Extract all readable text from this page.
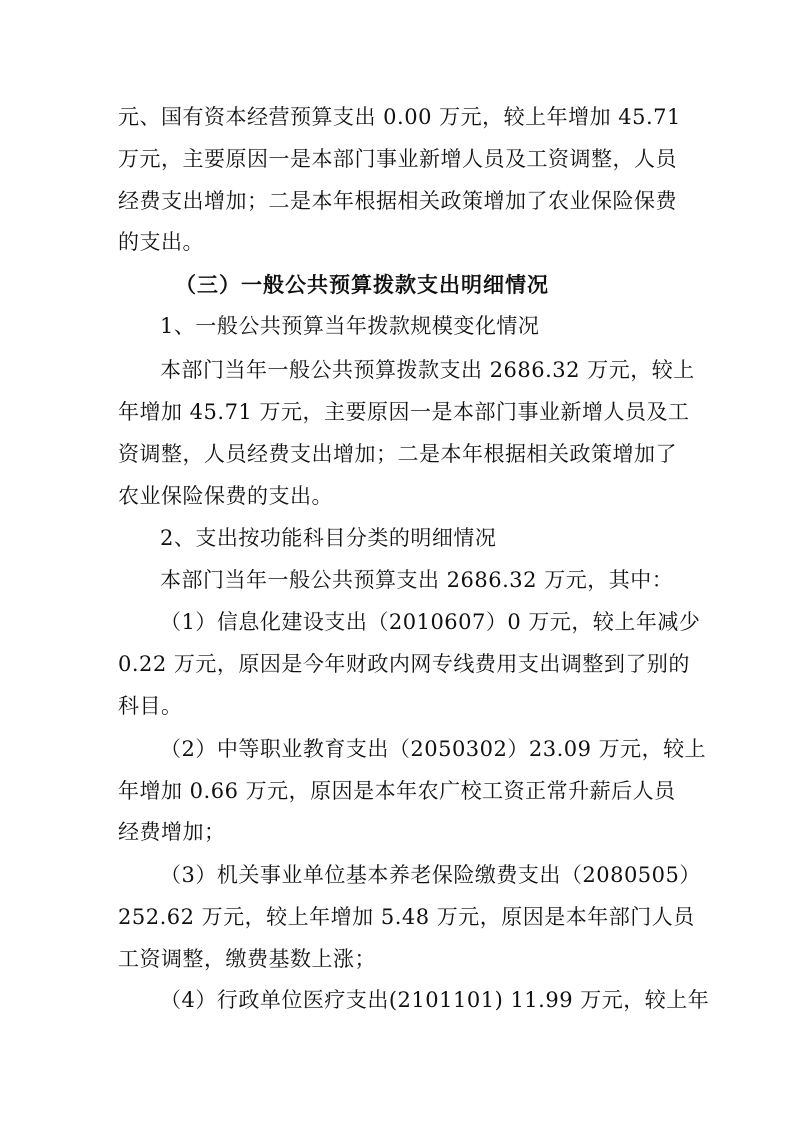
元、国有资本经营预算支出 0.00 万元，较上年增加 45.71
万元，主要原因一是本部门事业新增人员及工资调整，人员
经费支出增加；二是本年根据相关政策增加了农业保险保费
的支出。
（三）一般公共预算拨款支出明细情况
1、一般公共预算当年拨款规模变化情况
本部门当年一般公共预算拨款支出 2686.32 万元，较上
年增加 45.71 万元，主要原因一是本部门事业新增人员及工
资调整，人员经费支出增加；二是本年根据相关政策增加了
农业保险保费的支出。
2、支出按功能科目分类的明细情况
本部门当年一般公共预算支出 2686.32 万元，其中：
（1）信息化建设支出（2010607）0 万元，较上年减少
0.22 万元，原因是今年财政内网专线费用支出调整到了别的
科目。
（2）中等职业教育支出（2050302）23.09 万元，较上
年增加 0.66 万元，原因是本年农广校工资正常升薪后人员
经费增加；
（3）机关事业单位基本养老保险缴费支出（2080505）
252.62 万元，较上年增加 5.48 万元，原因是本年部门人员
工资调整，缴费基数上涨；
（4）行政单位医疗支出(2101101) 11.99 万元，较上年
